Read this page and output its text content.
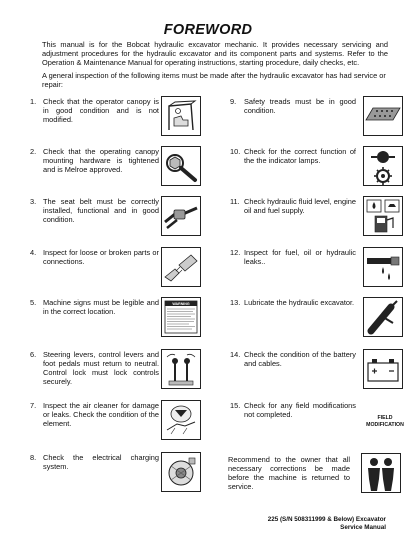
FOREWORD
This manual is for the Bobcat hydraulic excavator mechanic. It provides necessary servicing and adjustment procedures for the hydraulic excavator and its component parts and systems. Refer to the Operation & Maintenance Manual for operating instructions, starting procedure, daily checks, etc.
A general inspection of the following items must be made after the hydraulic excavator has had service or repair:
1. Check that the operator canopy is in good condition and is not modified.
2. Check that the operating canopy mounting hardware is tightened and is Melroe approved.
3. The seat belt must be correctly installed, functional and in good condition.
4. Inspect for loose or broken parts or connections.
5. Machine signs must be legible and in the correct location.
WARNING
6. Steering levers, control levers and foot pedals must return to neutral. Control lock must lock controls securely.
7. Inspect the air cleaner for damage or leaks. Check the condition of the element.
8. Check the electrical charging system.
9. Safety treads must be in good condition.
10. Check for the correct function of the the indicator lamps.
11. Check hydraulic fluid level, engine oil and fuel supply.
12. Inspect for fuel, oil or hydraulic leaks..
13. Lubricate the hydraulic excavator.
14. Check the condition of the battery and cables.
15. Check for any field modifications not completed.	FIELD
MODIFICATION
Recommend to the owner that all necessary corrections be made before the machine is returned to service.
225 (S/N 508311999 & Below) Excavator
Service Manual
